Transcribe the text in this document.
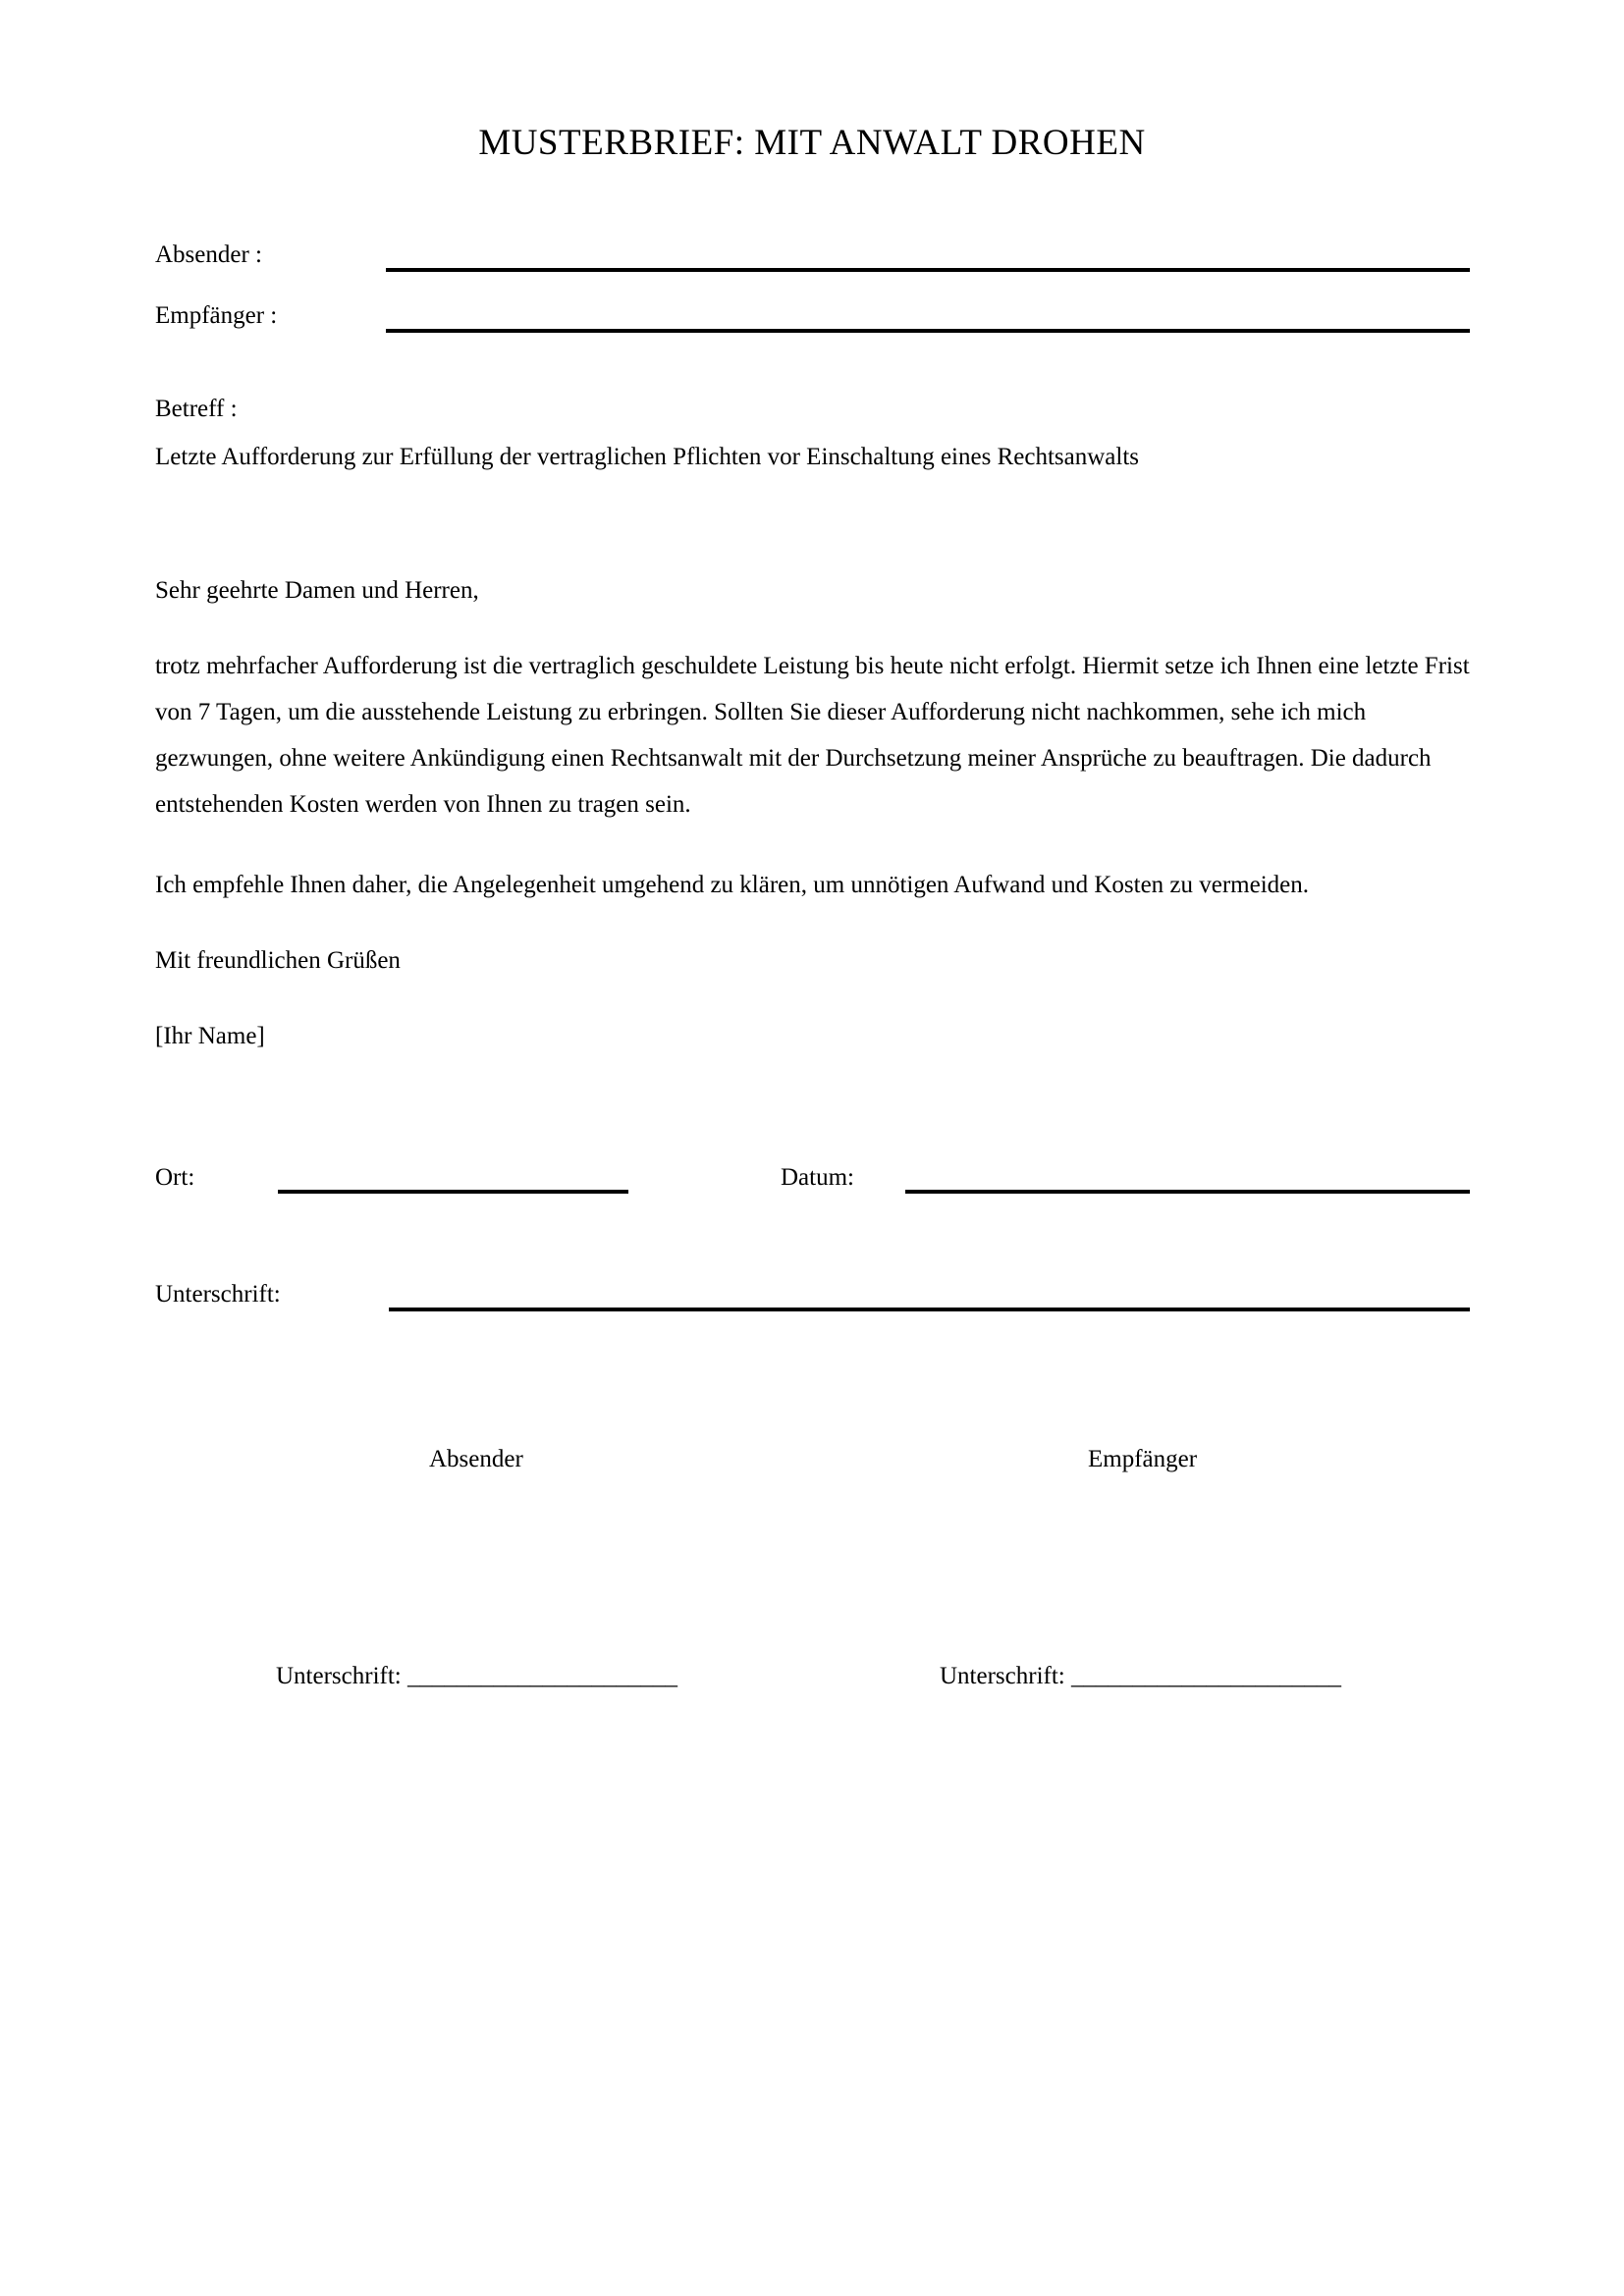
MUSTERBRIEF: MIT ANWALT DROHEN
Absender :
Empfänger :
Betreff :
Letzte Aufforderung zur Erfüllung der vertraglichen Pflichten vor Einschaltung eines Rechtsanwalts
Sehr geehrte Damen und Herren,

trotz mehrfacher Aufforderung ist die vertraglich geschuldete Leistung bis heute nicht erfolgt. Hiermit setze ich Ihnen eine letzte Frist von 7 Tagen, um die ausstehende Leistung zu erbringen. Sollten Sie dieser Aufforderung nicht nachkommen, sehe ich mich gezwungen, ohne weitere Ankündigung einen Rechtsanwalt mit der Durchsetzung meiner Ansprüche zu beauftragen. Die dadurch entstehenden Kosten werden von Ihnen zu tragen sein.

Ich empfehle Ihnen daher, die Angelegenheit umgehend zu klären, um unnötigen Aufwand und Kosten zu vermeiden.
Mit freundlichen Grüßen
[Ihr Name]
Ort:	Datum:
Unterschrift:
Absender	Empfänger
Unterschrift: ______________________	Unterschrift: ______________________
